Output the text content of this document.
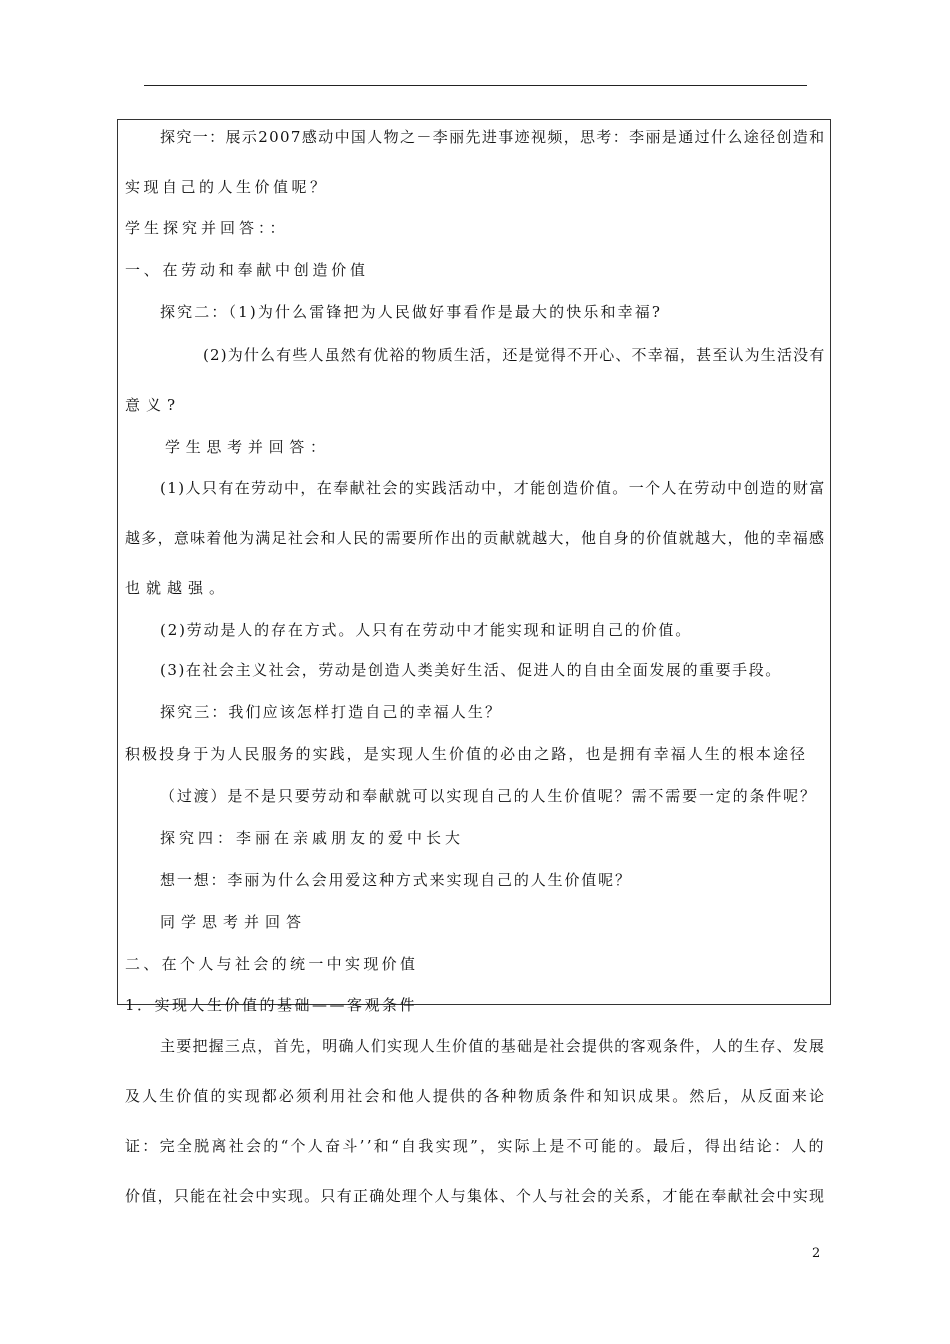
探究一：展示2007感动中国人物之－李丽先进事迹视频，思考：李丽是通过什么途径创造和
实现自己的人生价值呢？
学生探究并回答：：
一、在劳动和奉献中创造价值
探究二：（1)为什么雷锋把为人民做好事看作是最大的快乐和幸福?
(2)为什么有些人虽然有优裕的物质生活，还是觉得不开心、不幸福，甚至认为生活没有
意义?
学生思考并回答：
(1)人只有在劳动中，在奉献社会的实践活动中，才能创造价值。一个人在劳动中创造的财富
越多，意味着他为满足社会和人民的需要所作出的贡献就越大，他自身的价值就越大，他的幸福感
也就越强。
(2)劳动是人的存在方式。人只有在劳动中才能实现和证明自己的价值。
(3)在社会主义社会，劳动是创造人类美好生活、促进人的自由全面发展的重要手段。
探究三：我们应该怎样打造自己的幸福人生？
积极投身于为人民服务的实践，是实现人生价值的必由之路，也是拥有幸福人生的根本途径
（过渡）是不是只要劳动和奉献就可以实现自己的人生价值呢？需不需要一定的条件呢？
探究四：李丽在亲戚朋友的爱中长大
想一想：李丽为什么会用爱这种方式来实现自己的人生价值呢？
同学思考并回答
二、在个人与社会的统一中实现价值
1．实现人生价值的基础——客观条件
主要把握三点，首先，明确人们实现人生价值的基础是社会提供的客观条件，人的生存、发展
及人生价值的实现都必须利用社会和他人提供的各种物质条件和知识成果。然后，从反面来论
证：完全脱离社会的“个人奋斗’’和“自我实现”，实际上是不可能的。最后，得出结论：人的
价值，只能在社会中实现。只有正确处理个人与集体、个人与社会的关系，才能在奉献社会中实现
2
